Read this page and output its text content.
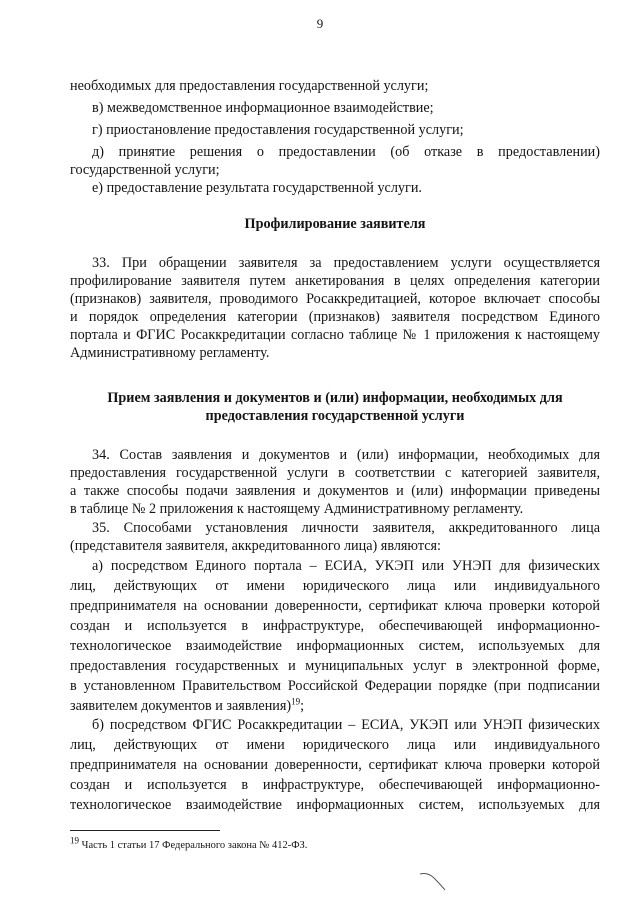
9
необходимых для предоставления государственной услуги;
в) межведомственное информационное взаимодействие;
г) приостановление предоставления государственной услуги;
д) принятие решения о предоставлении (об отказе в предоставлении)
государственной услуги;
е) предоставление результата государственной услуги.
Профилирование заявителя
33. При обращении заявителя за предоставлением услуги осуществляется
профилирование заявителя путем анкетирования в целях определения категории
(признаков) заявителя, проводимого Росаккредитацией, которое включает способы
и порядок определения категории (признаков) заявителя посредством Единого
портала и ФГИС Росаккредитации согласно таблице № 1 приложения к настоящему
Административному регламенту.
Прием заявления и документов и (или) информации, необходимых для
предоставления государственной услуги
34. Состав заявления и документов и (или) информации, необходимых для
предоставления государственной услуги в соответствии с категорией заявителя,
а также способы подачи заявления и документов и (или) информации приведены
в таблице № 2 приложения к настоящему Административному регламенту.
35. Способами установления личности заявителя, аккредитованного лица
(представителя заявителя, аккредитованного лица) являются:
а) посредством Единого портала – ЕСИА, УКЭП или УНЭП для физических
лиц, действующих от имени юридического лица или индивидуального
предпринимателя на основании доверенности, сертификат ключа проверки которой
создан и используется в инфраструктуре, обеспечивающей информационно-
технологическое взаимодействие информационных систем, используемых для
предоставления государственных и муниципальных услуг в электронной форме,
в установленном Правительством Российской Федерации порядке (при подписании
заявителем документов и заявления)$^{19}$;
б) посредством ФГИС Росаккредитации – ЕСИА, УКЭП или УНЭП физических
лиц, действующих от имени юридического лица или индивидуального
предпринимателя на основании доверенности, сертификат ключа проверки которой
создан и используется в инфраструктуре, обеспечивающей информационно-
технологическое взаимодействие информационных систем, используемых для
$^{19}$ Часть 1 статьи 17 Федерального закона № 412-ФЗ.
